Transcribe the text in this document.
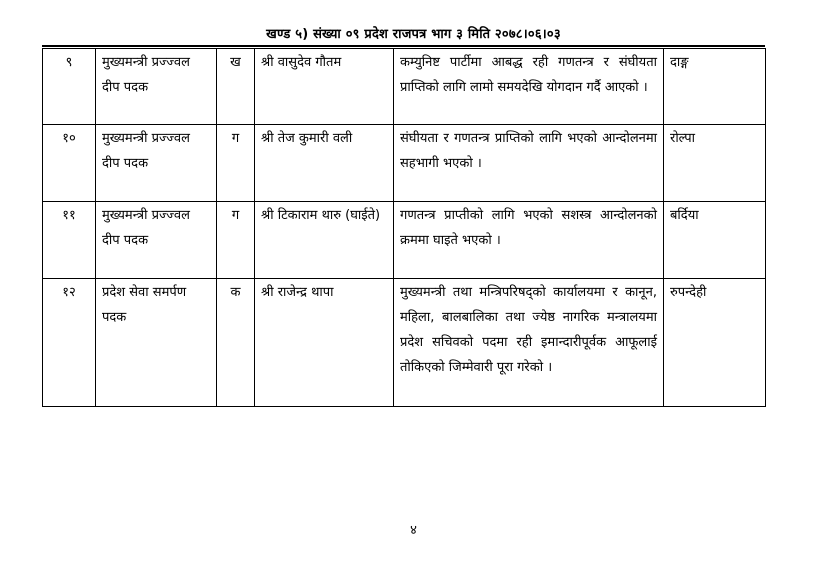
खण्ड ५) संख्या ०९ प्रदेश राजपत्र भाग ३ मिति २०७८।०६।०३
९	मुख्यमन्त्री प्रज्ज्वल दीप पदक	ख	श्री वासुदेव गौतम	कम्युनिष्ट पार्टीमा आबद्ध रही गणतन्त्र र संघीयता प्राप्तिको लागि लामो समयदेखि योगदान गर्दै आएको ।	दाङ्ग
१०	मुख्यमन्त्री प्रज्ज्वल दीप पदक	ग	श्री तेज कुमारी वली	संघीयता र गणतन्त्र प्राप्तिको लागि भएको आन्दोलनमा सहभागी भएको ।	रोल्पा
११	मुख्यमन्त्री प्रज्ज्वल दीप पदक	ग	श्री टिकाराम थारु (घाईते)	गणतन्त्र प्राप्तीको लागि भएको सशस्त्र आन्दोलनको क्रममा घाइते भएको ।	बर्दिया
१२	प्रदेश सेवा समर्पण पदक	क	श्री राजेन्द्र थापा	मुख्यमन्त्री तथा मन्त्रिपरिषद्को कार्यालयमा र कानून, महिला, बालबालिका तथा ज्येष्ठ नागरिक मन्त्रालयमा प्रदेश सचिवको पदमा रही इमान्दारीपूर्वक आफूलाई तोकिएको जिम्मेवारी पूरा गरेको ।	रुपन्देही
४
